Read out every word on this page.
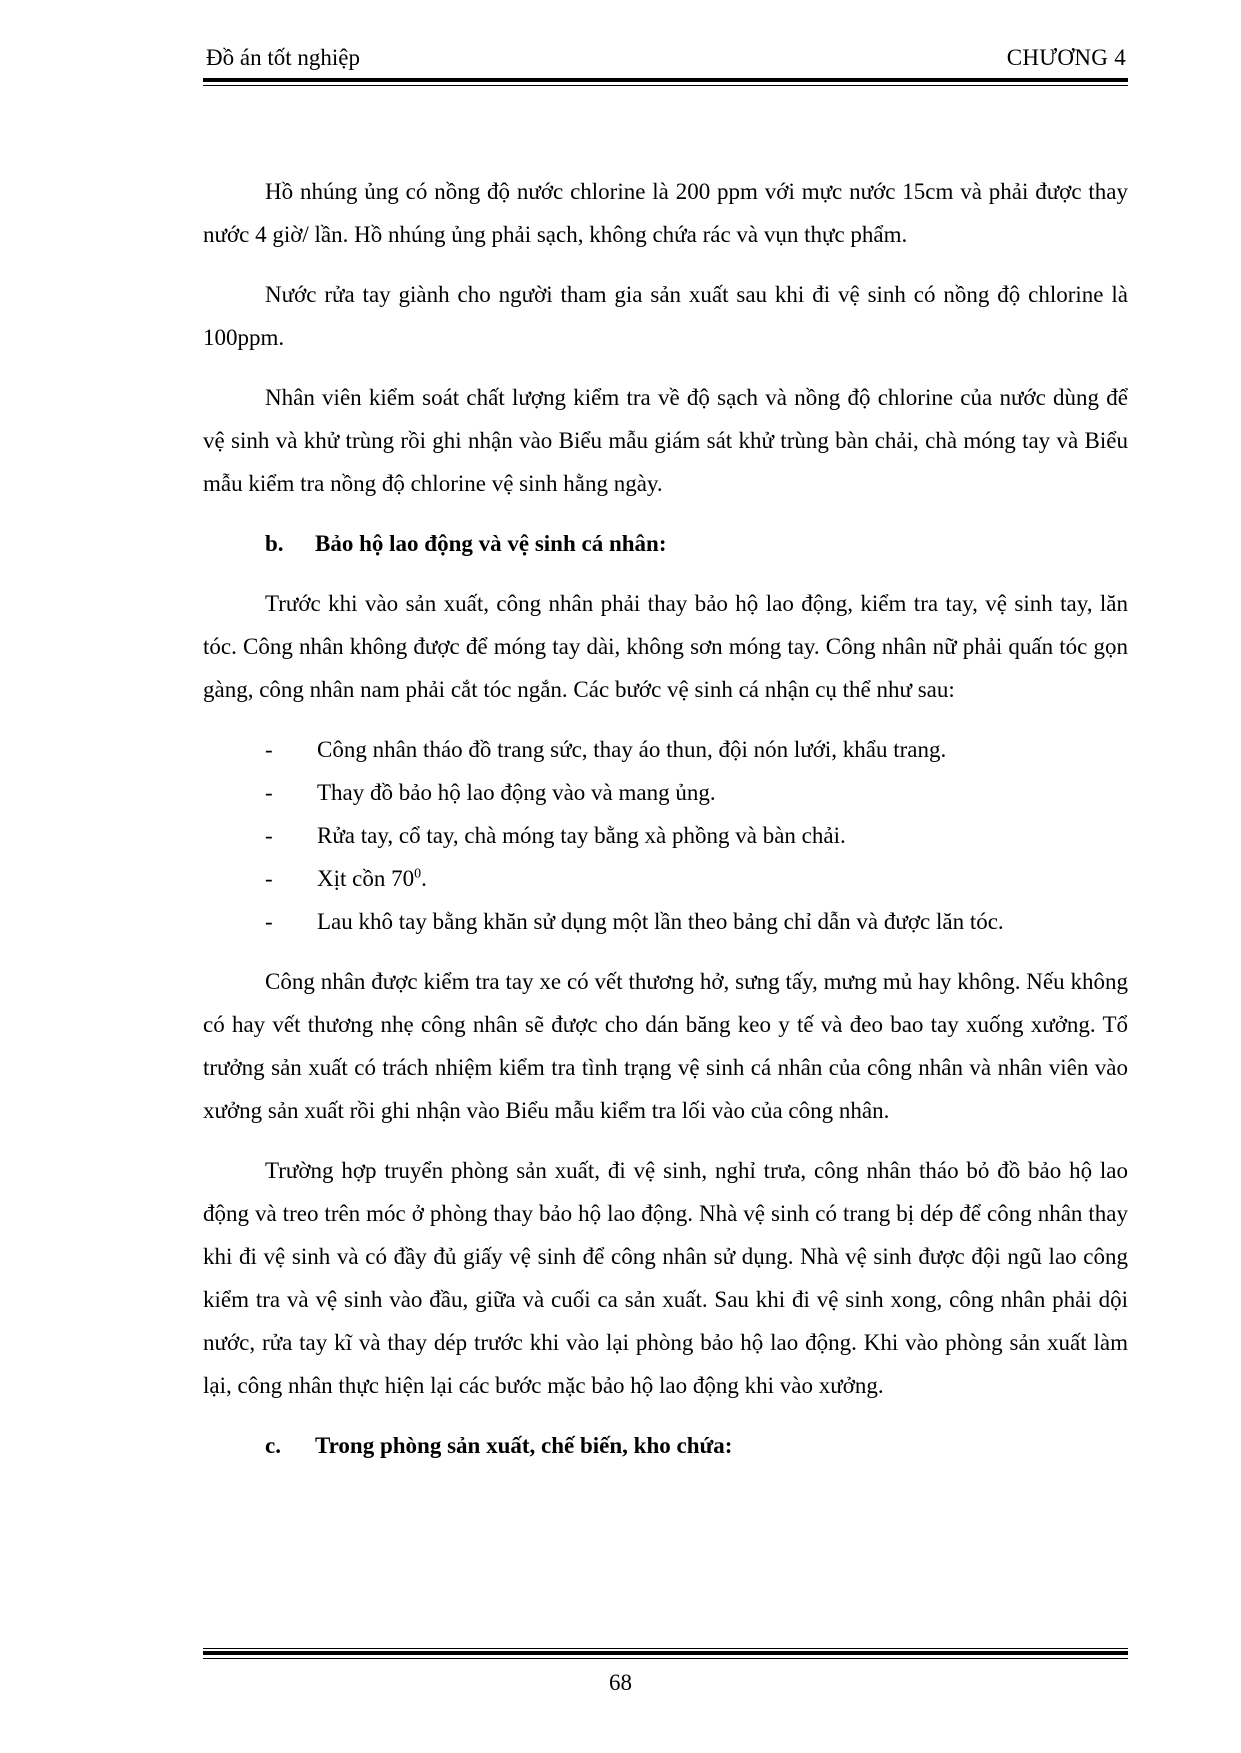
Đồ án tốt nghiệp	CHƯƠNG 4

Hồ nhúng ủng có nồng độ nước chlorine là 200 ppm với mực nước 15cm và phải được thay nước 4 giờ/ lần. Hồ nhúng ủng phải sạch, không chứa rác và vụn thực phẩm.

Nước rửa tay giành cho người tham gia sản xuất sau khi đi vệ sinh có nồng độ chlorine là 100ppm.

Nhân viên kiểm soát chất lượng kiểm tra về độ sạch và nồng độ chlorine của nước dùng để vệ sinh và khử trùng rồi ghi nhận vào Biểu mẫu giám sát khử trùng bàn chải, chà móng tay và Biểu mẫu kiểm tra nồng độ chlorine vệ sinh hằng ngày.

b. Bảo hộ lao động và vệ sinh cá nhân:

Trước khi vào sản xuất, công nhân phải thay bảo hộ lao động, kiểm tra tay, vệ sinh tay, lăn tóc. Công nhân không được để móng tay dài, không sơn móng tay. Công nhân nữ phải quấn tóc gọn gàng, công nhân nam phải cắt tóc ngắn. Các bước vệ sinh cá nhận cụ thể như sau:

- Công nhân tháo đồ trang sức, thay áo thun, đội nón lưới, khẩu trang.
- Thay đồ bảo hộ lao động vào và mang ủng.
- Rửa tay, cổ tay, chà móng tay bằng xà phồng và bàn chải.
- Xịt cồn $70^0$.
- Lau khô tay bằng khăn sử dụng một lần theo bảng chỉ dẫn và được lăn tóc.

Công nhân được kiểm tra tay xe có vết thương hở, sưng tấy, mưng mủ hay không. Nếu không có hay vết thương nhẹ công nhân sẽ được cho dán băng keo y tế và đeo bao tay xuống xưởng. Tổ trưởng sản xuất có trách nhiệm kiểm tra tình trạng vệ sinh cá nhân của công nhân và nhân viên vào xưởng sản xuất rồi ghi nhận vào Biểu mẫu kiểm tra lối vào của công nhân.

Trường hợp truyển phòng sản xuất, đi vệ sinh, nghỉ trưa, công nhân tháo bỏ đồ bảo hộ lao động và treo trên móc ở phòng thay bảo hộ lao động. Nhà vệ sinh có trang bị dép để công nhân thay khi đi vệ sinh và có đầy đủ giấy vệ sinh để công nhân sử dụng. Nhà vệ sinh được đội ngũ lao công kiểm tra và vệ sinh vào đầu, giữa và cuối ca sản xuất. Sau khi đi vệ sinh xong, công nhân phải dội nước, rửa tay kĩ và thay dép trước khi vào lại phòng bảo hộ lao động. Khi vào phòng sản xuất làm lại, công nhân thực hiện lại các bước mặc bảo hộ lao động khi vào xưởng.

c. Trong phòng sản xuất, chế biến, kho chứa:

68
